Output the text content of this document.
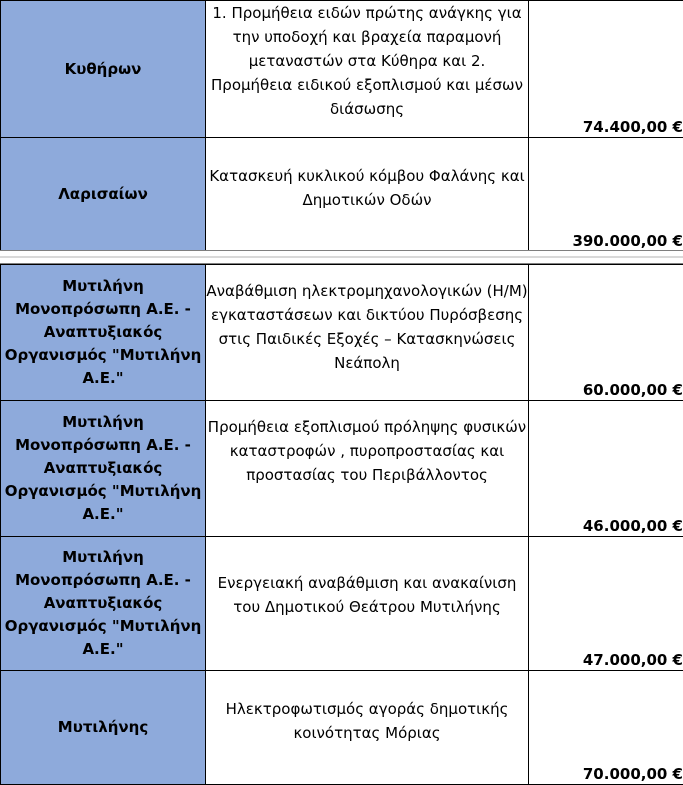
Κυθήρων	1. Προμήθεια ειδών πρώτης ανάγκης για την υποδοχή και βραχεία παραμονή μεταναστών στα Κύθηρα και 2. Προμήθεια ειδικού εξοπλισμού και μέσων διάσωσης	74.400,00 €
Λαρισαίων	Κατασκευή κυκλικού κόμβου Φαλάνης και Δημοτικών Οδών	390.000,00 €
Μυτιλήνη Μονοπρόσωπη Α.Ε. - Αναπτυξιακός Οργανισμός "Μυτιλήνη Α.Ε."	Αναβάθμιση ηλεκτρομηχανολογικών (Η/Μ) εγκαταστάσεων και δικτύου Πυρόσβεσης στις Παιδικές Εξοχές – Κατασκηνώσεις Νεάπολη	60.000,00 €
Μυτιλήνη Μονοπρόσωπη Α.Ε. - Αναπτυξιακός Οργανισμός "Μυτιλήνη Α.Ε."	Προμήθεια εξοπλισμού πρόληψης φυσικών καταστροφών , πυροπροστασίας και προστασίας του Περιβάλλοντος	46.000,00 €
Μυτιλήνη Μονοπρόσωπη Α.Ε. - Αναπτυξιακός Οργανισμός "Μυτιλήνη Α.Ε."	Ενεργειακή αναβάθμιση και ανακαίνιση του Δημοτικού Θεάτρου Μυτιλήνης	47.000,00 €
Μυτιλήνης	Ηλεκτροφωτισμός αγοράς δημοτικής κοινότητας Μόριας	70.000,00 €
